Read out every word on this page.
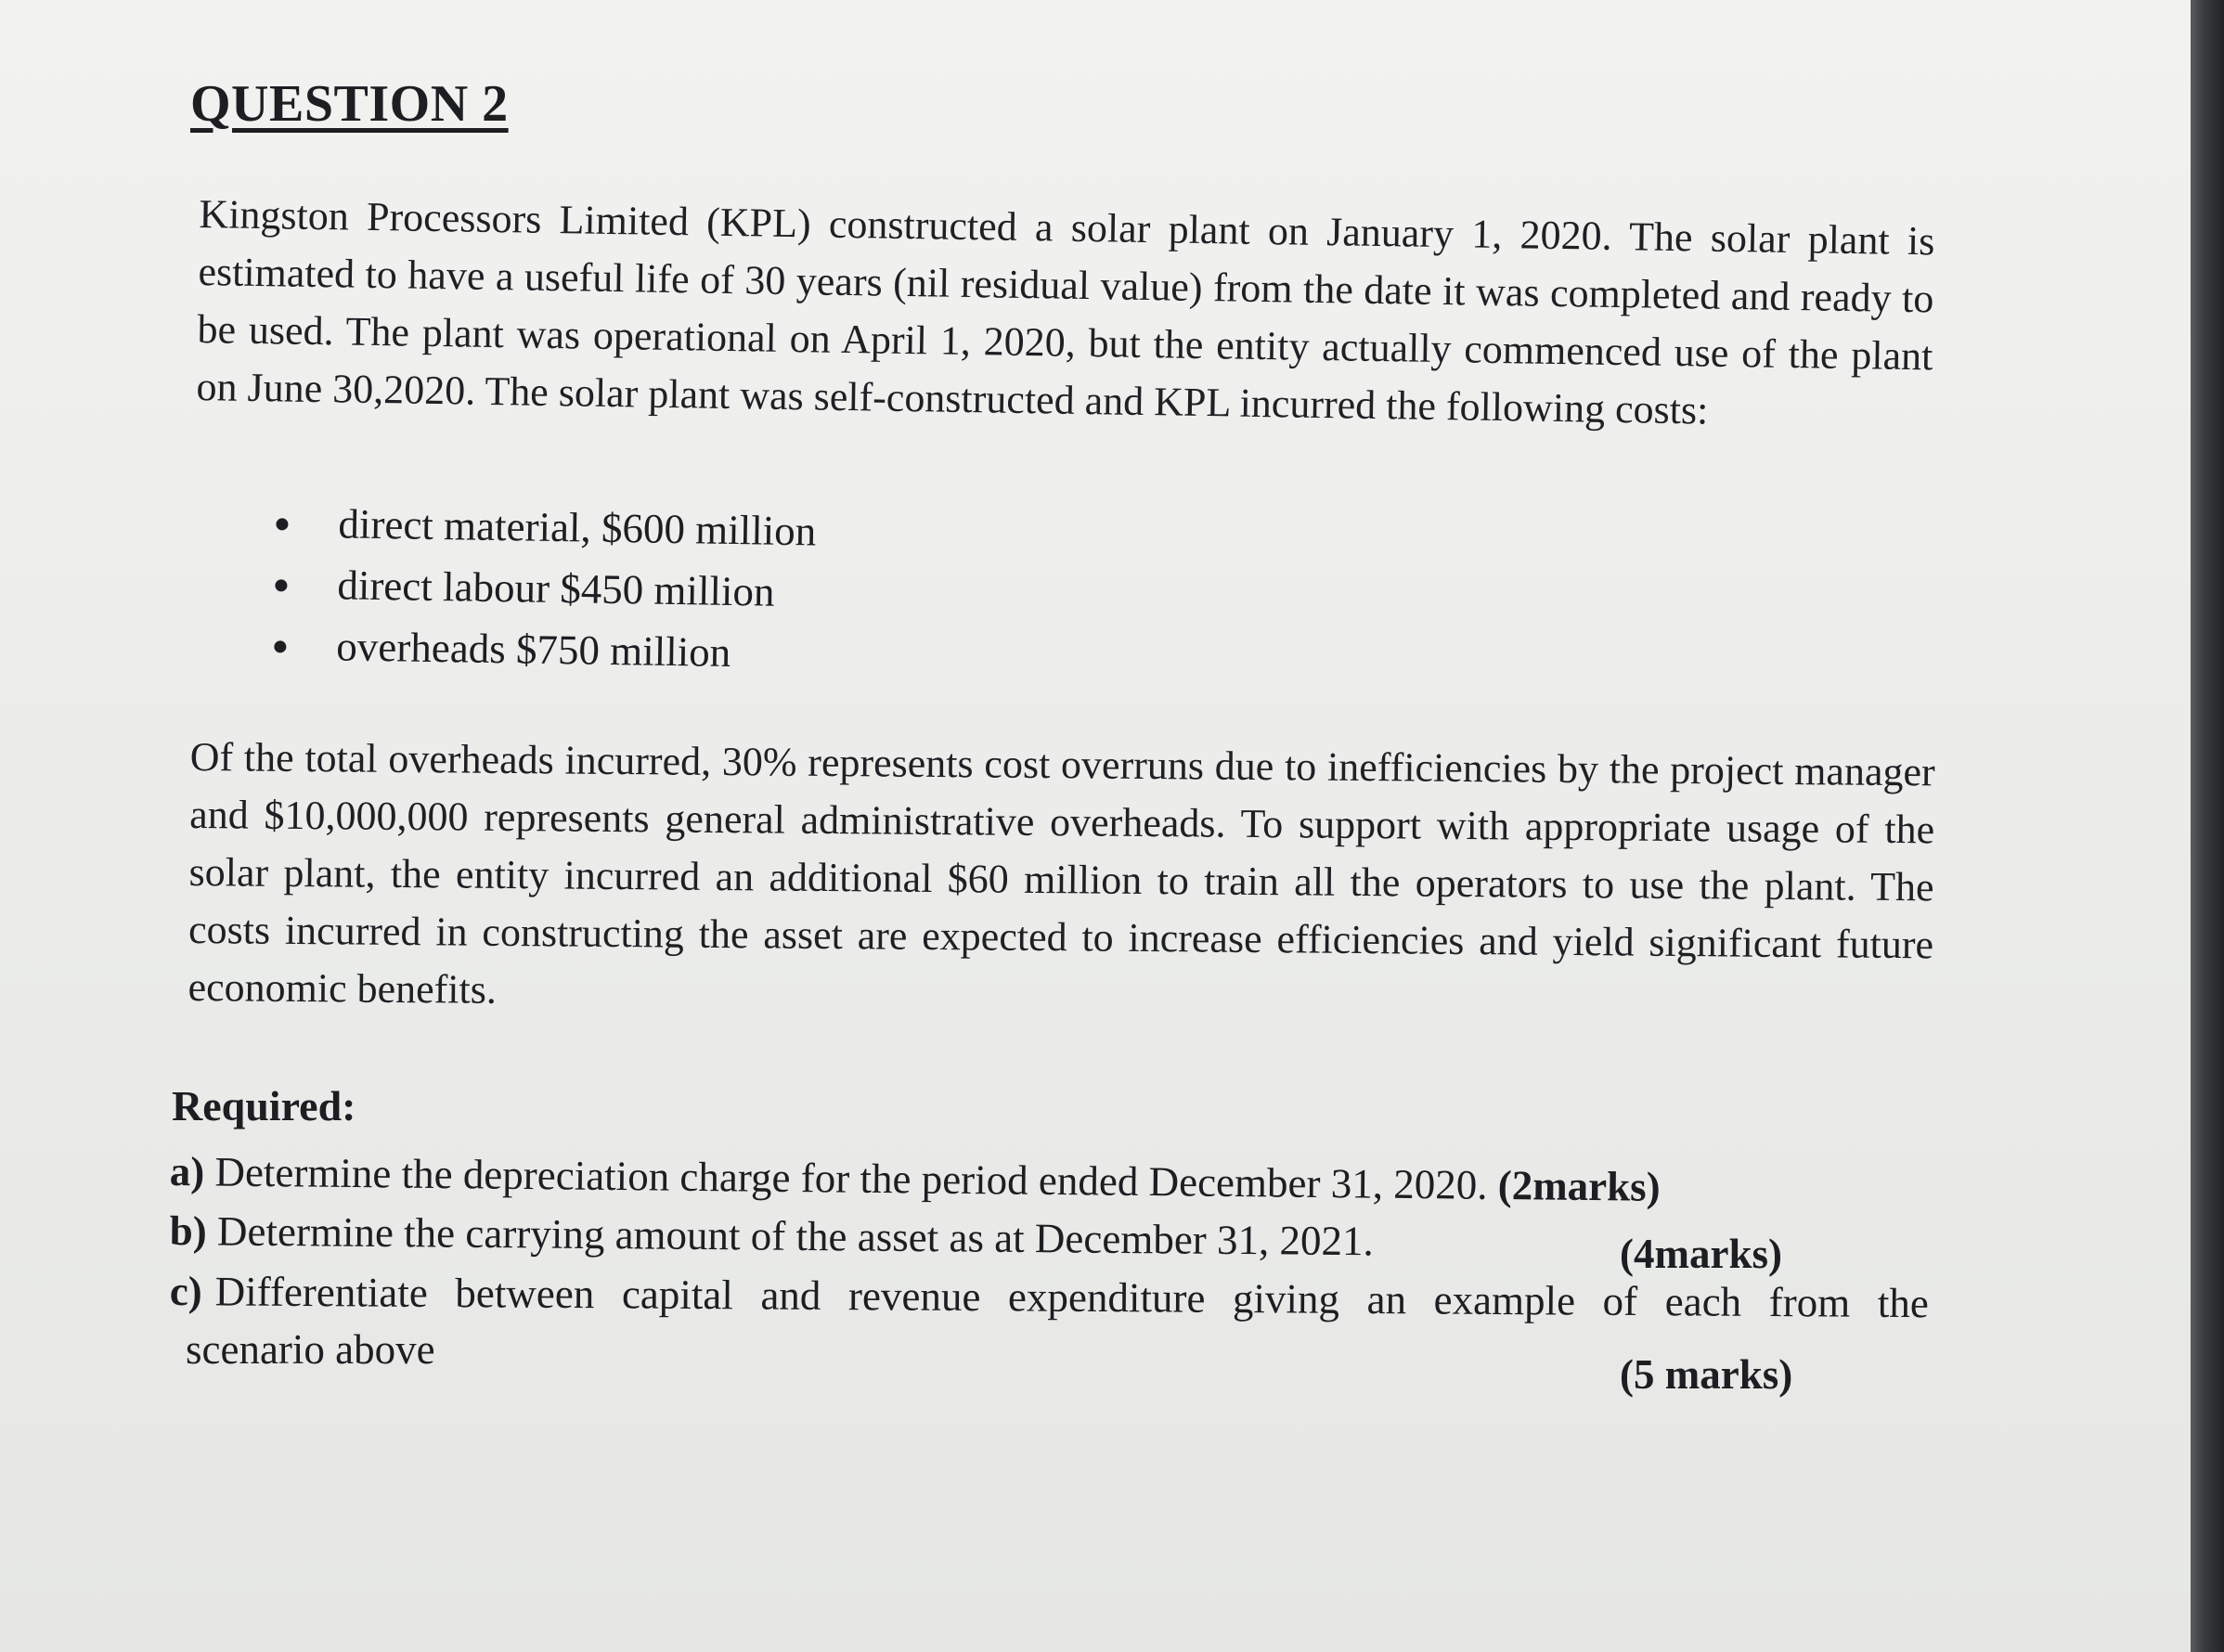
QUESTION 2
Kingston Processors Limited (KPL) constructed a solar plant on January 1, 2020. The solar plant is estimated to have a useful life of 30 years (nil residual value) from the date it was completed and ready to be used. The plant was operational on April 1, 2020, but the entity actually commenced use of the plant on June 30,2020. The solar plant was self-constructed and KPL incurred the following costs:
direct material, $600 million
direct labour $450 million
overheads $750 million
Of the total overheads incurred, 30% represents cost overruns due to inefficiencies by the project manager and $10,000,000 represents general administrative overheads. To support with appropriate usage of the solar plant, the entity incurred an additional $60 million to train all the operators to use the plant. The costs incurred in constructing the asset are expected to increase efficiencies and yield significant future economic benefits.
Required:
a) Determine the depreciation charge for the period ended December 31, 2020. (2marks)
b) Determine the carrying amount of the asset as at December 31, 2021.	(4marks)
c) Differentiate between capital and revenue expenditure giving an example of each from the
scenario above
(5 marks)
